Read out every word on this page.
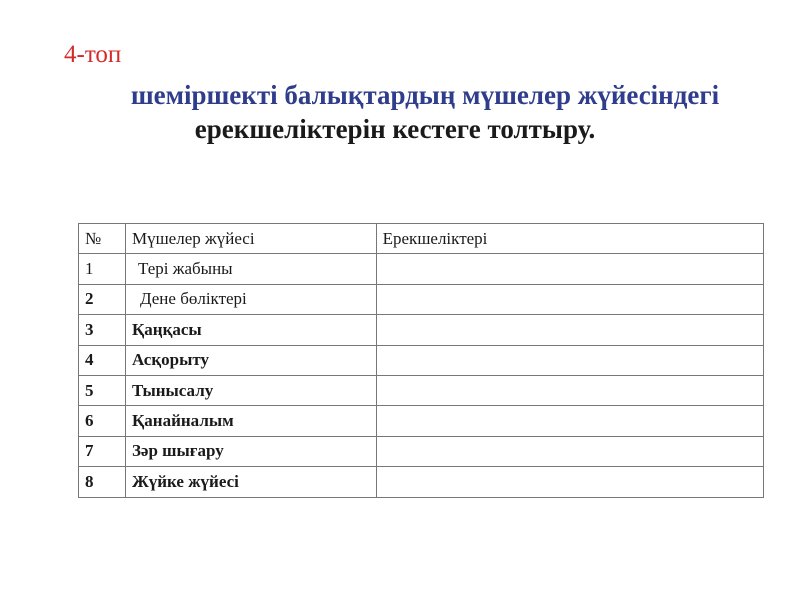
4-топ
шеміршекті балықтардың мүшелер жүйесіндегі
ерекшеліктерін кестеге толтыру.
№	Мүшелер жүйесі	Ерекшеліктері
1	Тері жабыны	
2	Дене бөліктері	
3	Қаңқасы	
4	Асқорыту	
5	Тынысалу	
6	Қанайналым	
7	Зәр шығару	
8	Жүйке жүйесі	
